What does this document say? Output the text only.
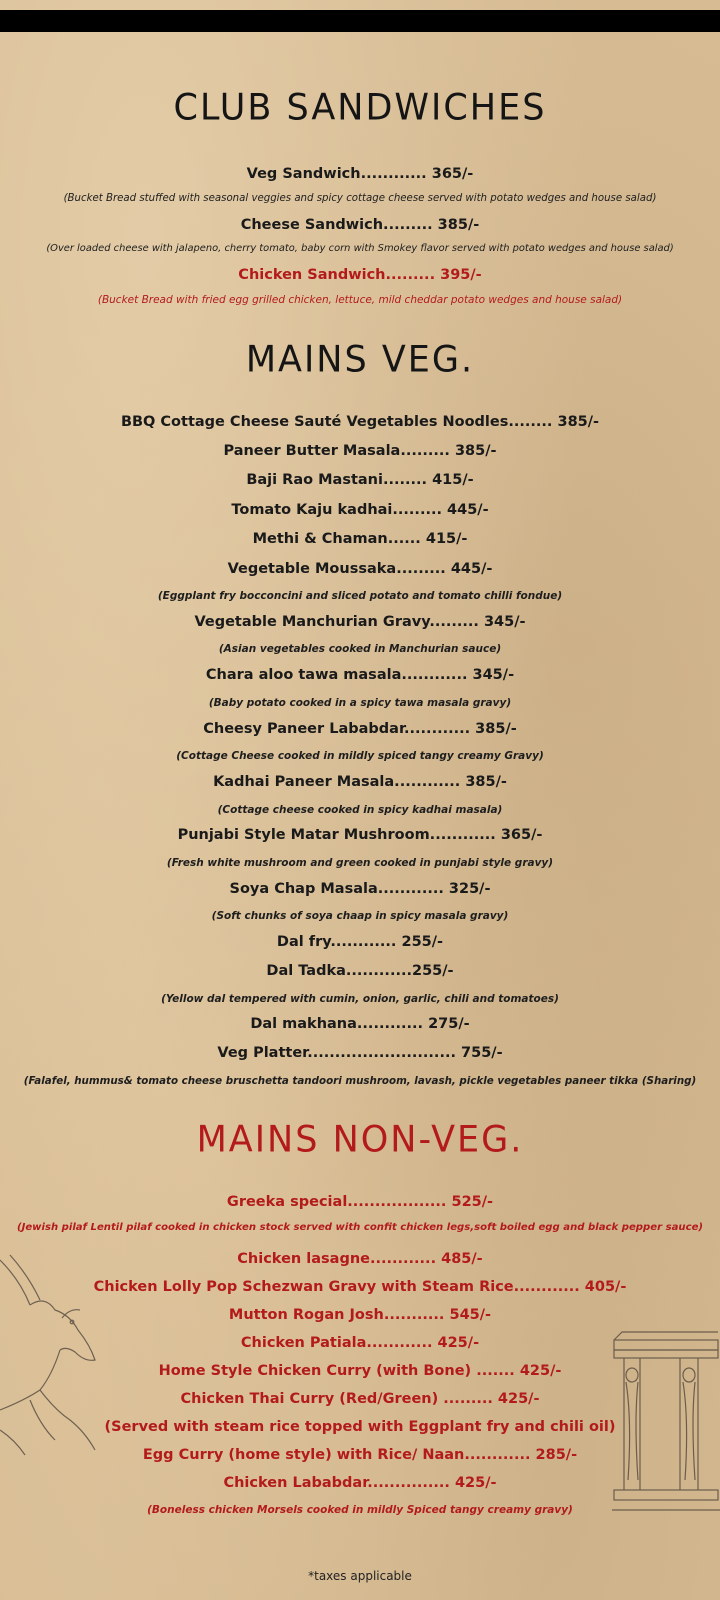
CLUB SANDWICHES
Veg Sandwich............ 365/-
(Bucket Bread stuffed with seasonal veggies and spicy cottage cheese served with potato wedges and house salad)
Cheese Sandwich......... 385/-
(Over loaded cheese with jalapeno, cherry tomato, baby corn with Smokey flavor served with potato wedges and house salad)
Chicken Sandwich......... 395/-
(Bucket Bread with fried egg grilled chicken, lettuce, mild cheddar potato wedges and house salad)
MAINS VEG.
BBQ Cottage Cheese Sauté Vegetables Noodles........ 385/-
Paneer Butter Masala......... 385/-
Baji Rao Mastani........ 415/-
Tomato Kaju kadhai......... 445/-
Methi & Chaman...... 415/-
Vegetable Moussaka......... 445/-
(Eggplant fry bocconcini and sliced potato and tomato chilli fondue)
Vegetable Manchurian Gravy......... 345/-
(Asian vegetables cooked in Manchurian sauce)
Chara aloo tawa masala............ 345/-
(Baby potato cooked in a spicy tawa masala gravy)
Cheesy Paneer Lababdar............ 385/-
(Cottage Cheese cooked in mildly spiced tangy creamy Gravy)
Kadhai Paneer Masala............ 385/-
(Cottage cheese cooked in spicy kadhai masala)
Punjabi Style Matar Mushroom............ 365/-
(Fresh white mushroom and green cooked in punjabi style gravy)
Soya Chap Masala............ 325/-
(Soft chunks of soya chaap in spicy masala gravy)
Dal fry............ 255/-
Dal Tadka............255/-
(Yellow dal tempered with cumin, onion, garlic, chili and tomatoes)
Dal makhana............ 275/-
Veg Platter........................... 755/-
(Falafel, hummus& tomato cheese bruschetta tandoori mushroom, lavash, pickle vegetables paneer tikka (Sharing)
MAINS NON-VEG.
Greeka special.................. 525/-
(Jewish pilaf Lentil pilaf cooked in chicken stock served with confit chicken legs,soft boiled egg and black pepper sauce)
Chicken lasagne............ 485/-
Chicken Lolly Pop Schezwan Gravy with Steam Rice............ 405/-
Mutton Rogan Josh........... 545/-
Chicken Patiala............ 425/-
Home Style Chicken Curry (with Bone) ....... 425/-
Chicken Thai Curry (Red/Green) ......... 425/-
(Served with steam rice topped with Eggplant fry and chili oil)
Egg Curry (home style) with Rice/ Naan............ 285/-
Chicken Lababdar............... 425/-
(Boneless chicken Morsels cooked in mildly Spiced tangy creamy gravy)
*taxes applicable
